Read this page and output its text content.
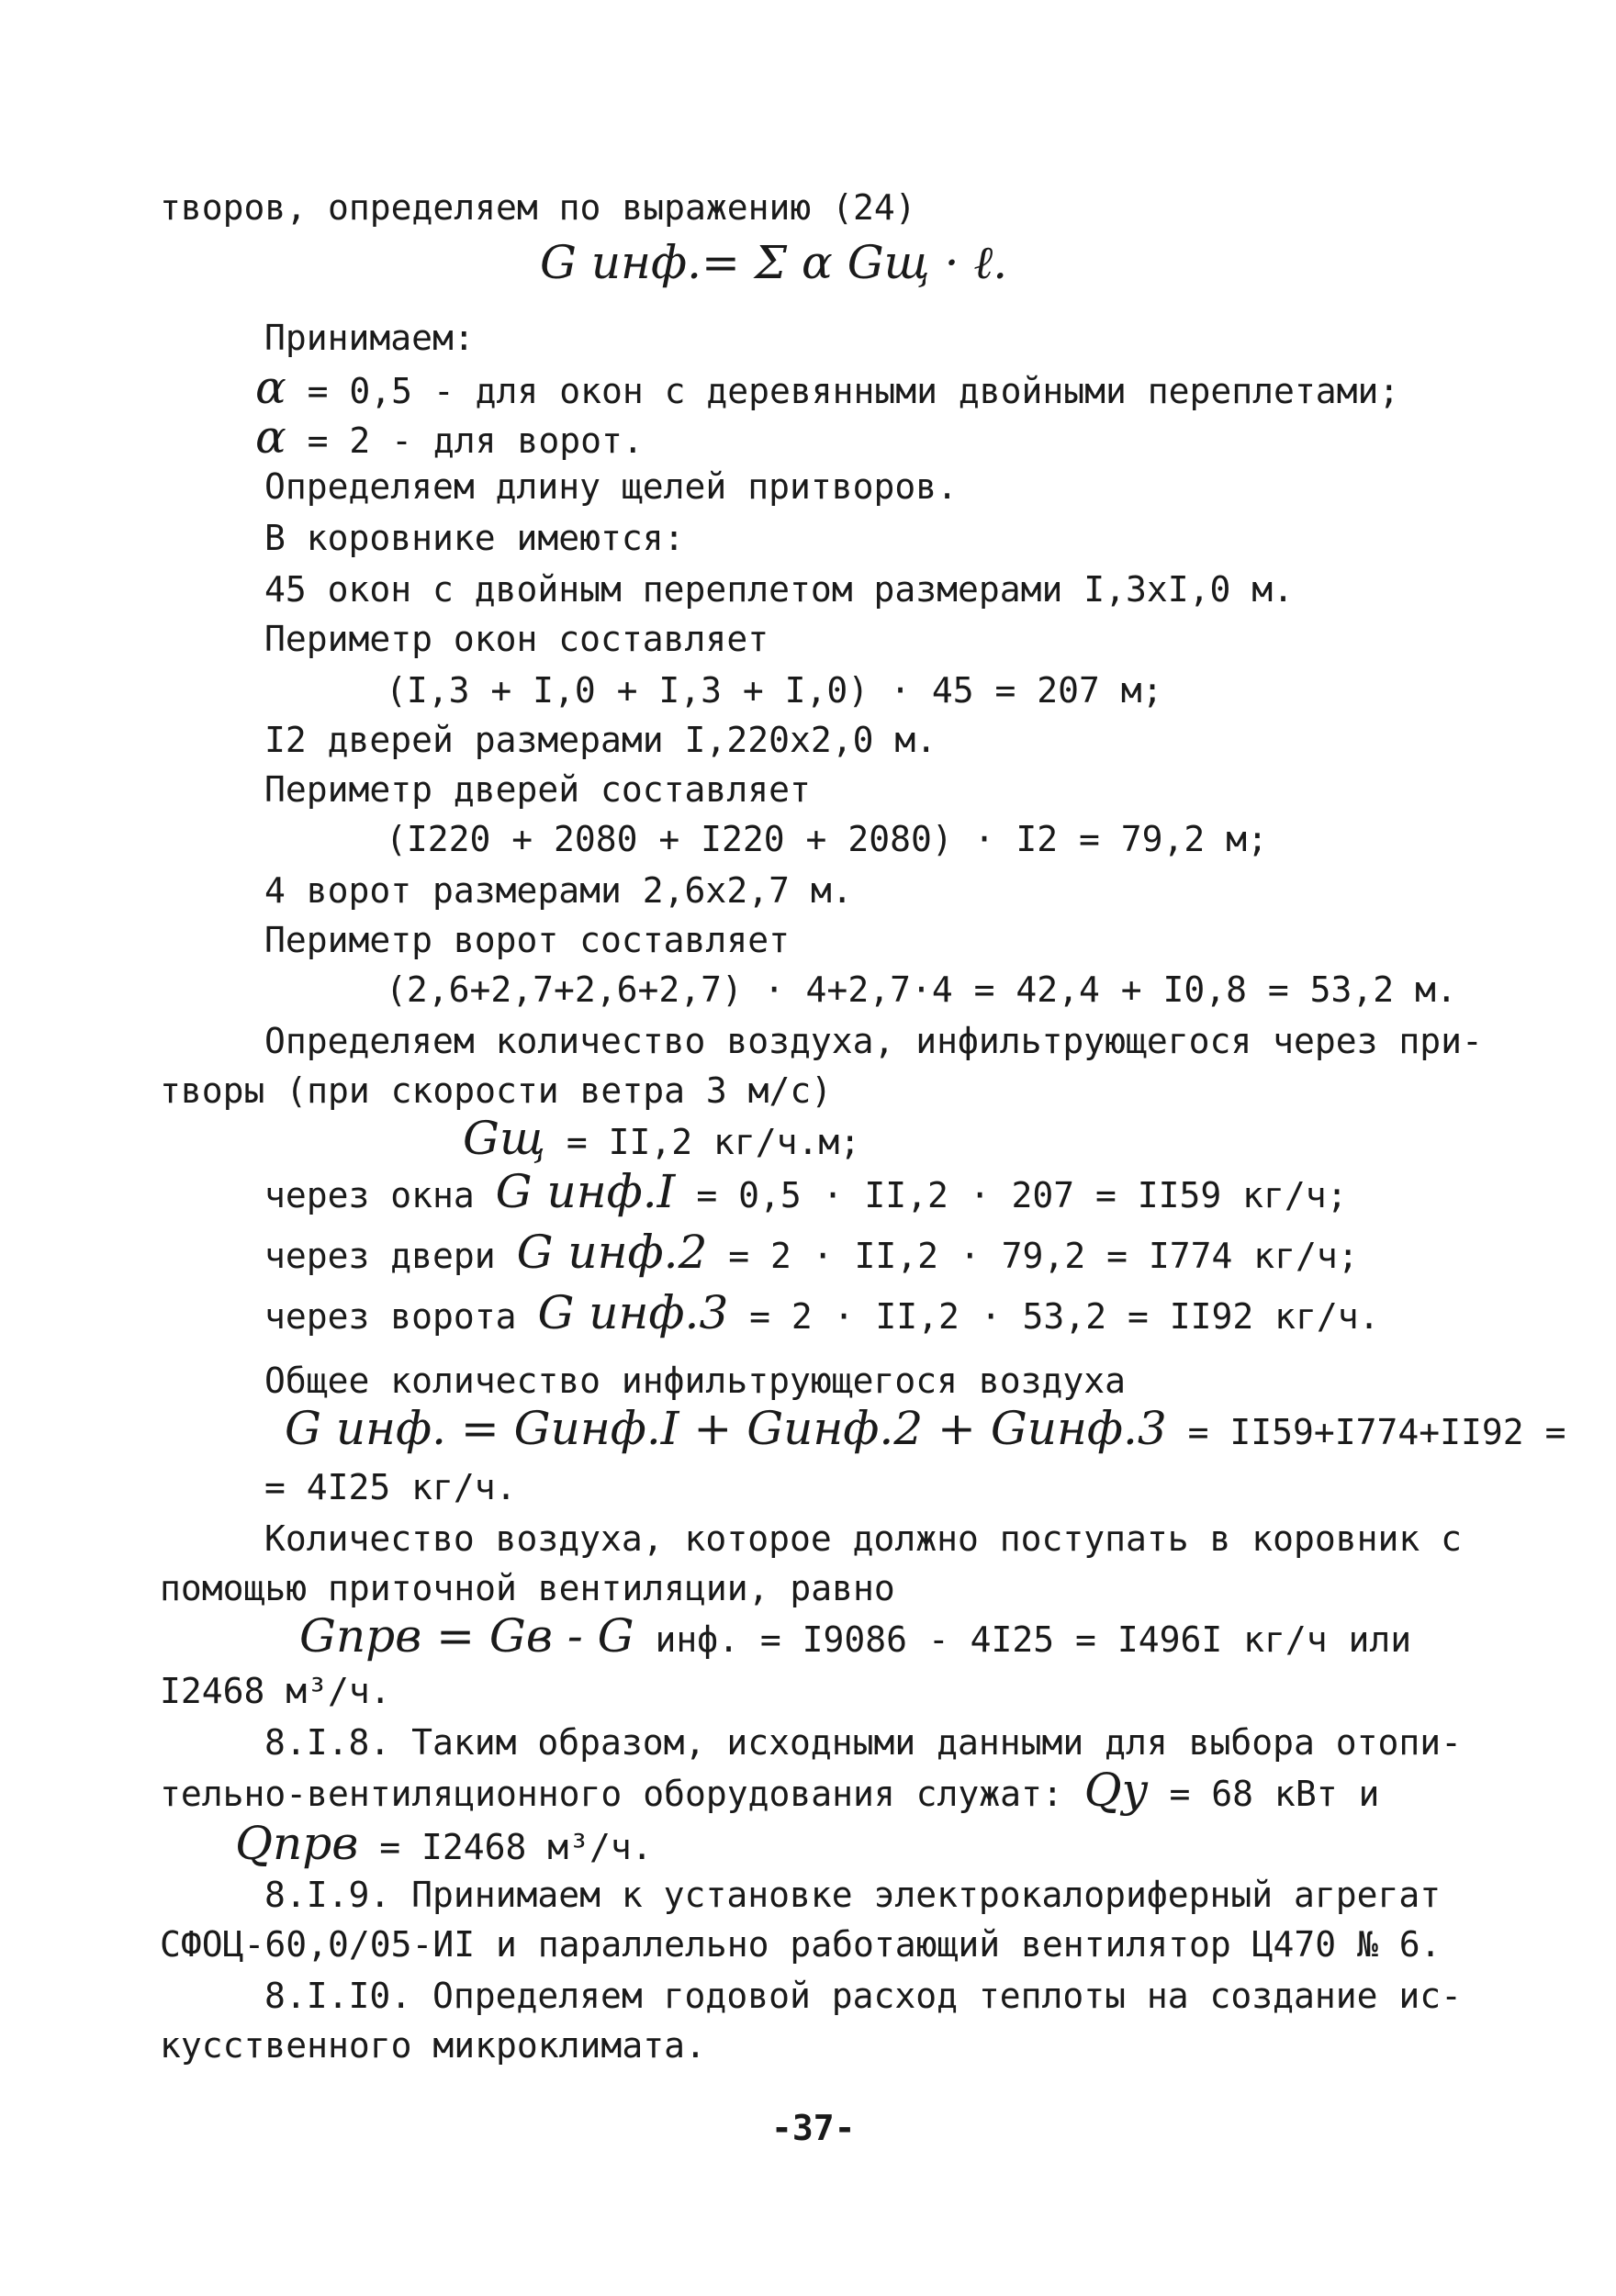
творов, определяем по выражению (24)
G инф.= Σ α Gщ · ℓ.
Принимаем:
α = 0,5 - для окон с деревянными двойными переплетами;
α = 2 - для ворот.
Определяем длину щелей притворов.
В коровнике имеются:
45 окон с двойным переплетом размерами I,3xI,0 м.
Периметр окон составляет
(I,3 + I,0 + I,3 + I,0) · 45 = 207 м;
I2 дверей размерами I,220x2,0 м.
Периметр дверей составляет
(I220 + 2080 + I220 + 2080) · I2 = 79,2 м;
4 ворот размерами 2,6x2,7 м.
Периметр ворот составляет
(2,6+2,7+2,6+2,7) · 4+2,7·4 = 42,4 + I0,8 = 53,2 м.
Определяем количество воздуха, инфильтрующегося через при-
творы (при скорости ветра 3 м/с)
Gщ = II,2 кг/ч.м;
через окна G инф.I = 0,5 · II,2 · 207 = II59 кг/ч;
через двери G инф.2 = 2 · II,2 · 79,2 = I774 кг/ч;
через ворота G инф.3 = 2 · II,2 · 53,2 = II92 кг/ч.
Общее количество инфильтрующегося воздуха
G инф. = Gинф.I + Gинф.2 + Gинф.3 = II59+I774+II92 =
= 4I25 кг/ч.
Количество воздуха, которое должно поступать в коровник с
помощью приточной вентиляции, равно
Gпрв = Gв - G инф. = I9086 - 4I25 = I496I кг/ч или
I2468 м³/ч.
8.I.8. Таким образом, исходными данными для выбора отопи-
тельно-вентиляционного оборудования служат: Qу = 68 кВт и
Qпрв = I2468 м³/ч.
8.I.9. Принимаем к установке электрокалориферный агрегат
СФОЦ-60,0/05-ИI и параллельно работающий вентилятор Ц470 № 6.
8.I.I0. Определяем годовой расход теплоты на создание ис-
кусственного микроклимата.
-37-
